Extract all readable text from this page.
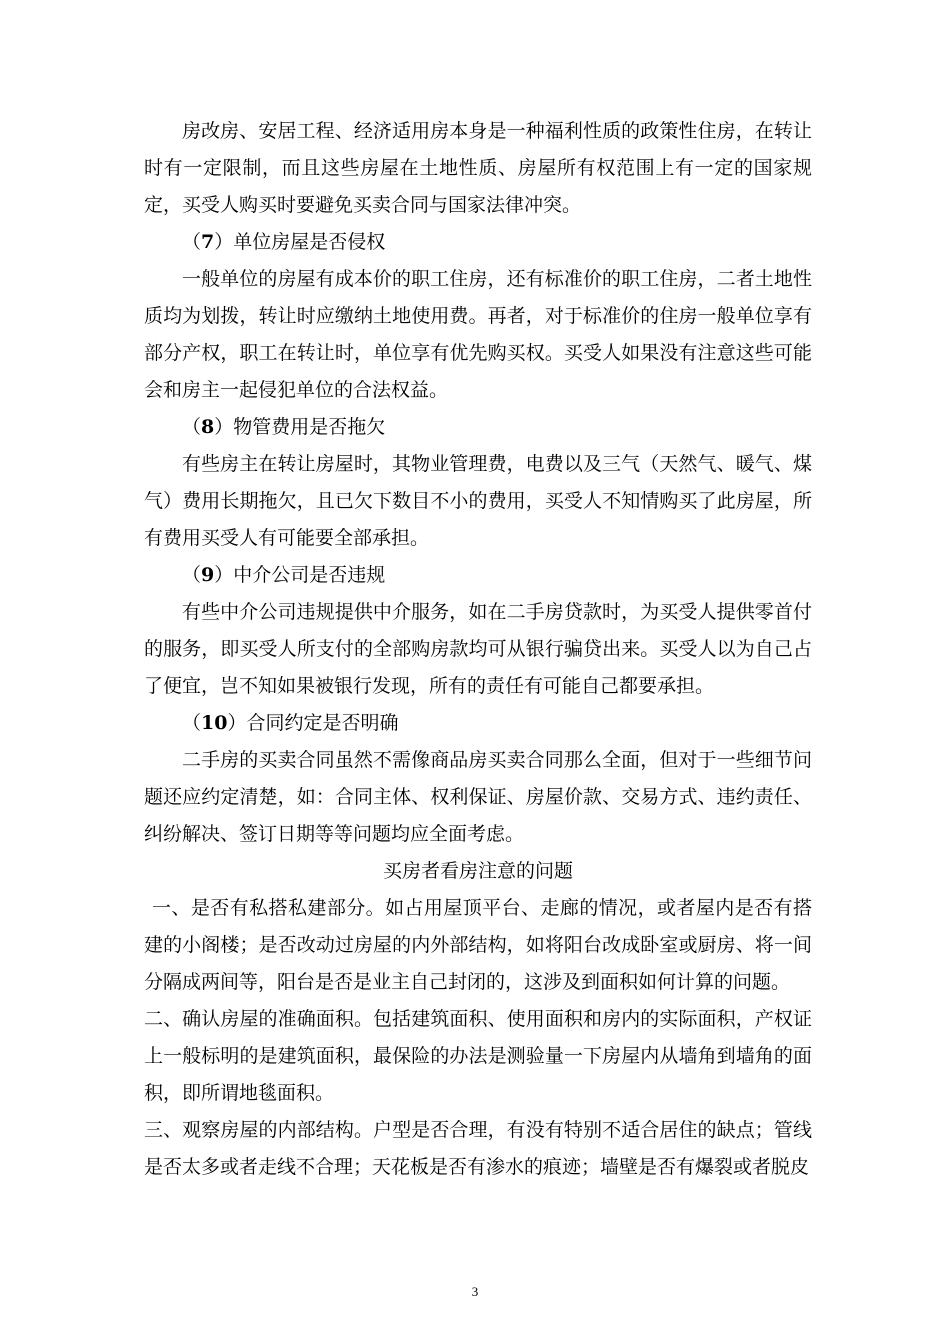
房改房、安居工程、经济适用房本身是一种福利性质的政策性住房，在转让时有一定限制，而且这些房屋在土地性质、房屋所有权范围上有一定的国家规定，买受人购买时要避免买卖合同与国家法律冲突。

（7）单位房屋是否侵权

一般单位的房屋有成本价的职工住房，还有标准价的职工住房，二者土地性质均为划拨，转让时应缴纳土地使用费。再者，对于标准价的住房一般单位享有部分产权，职工在转让时，单位享有优先购买权。买受人如果没有注意这些可能会和房主一起侵犯单位的合法权益。

（8）物管费用是否拖欠

有些房主在转让房屋时，其物业管理费，电费以及三气（天然气、暖气、煤气）费用长期拖欠，且已欠下数目不小的费用，买受人不知情购买了此房屋，所有费用买受人有可能要全部承担。

（9）中介公司是否违规

有些中介公司违规提供中介服务，如在二手房贷款时，为买受人提供零首付的服务，即买受人所支付的全部购房款均可从银行骗贷出来。买受人以为自己占了便宜，岂不知如果被银行发现，所有的责任有可能自己都要承担。

（10）合同约定是否明确

二手房的买卖合同虽然不需像商品房买卖合同那么全面，但对于一些细节问题还应约定清楚，如：合同主体、权利保证、房屋价款、交易方式、违约责任、纠纷解决、签订日期等等问题均应全面考虑。

买房者看房注意的问题

一、是否有私搭私建部分。如占用屋顶平台、走廊的情况，或者屋内是否有搭建的小阁楼；是否改动过房屋的内外部结构，如将阳台改成卧室或厨房、将一间分隔成两间等，阳台是否是业主自己封闭的，这涉及到面积如何计算的问题。

二、确认房屋的准确面积。包括建筑面积、使用面积和房内的实际面积，产权证上一般标明的是建筑面积，最保险的办法是测验量一下房屋内从墙角到墙角的面积，即所谓地毯面积。

三、观察房屋的内部结构。户型是否合理，有没有特别不适合居住的缺点；管线是否太多或者走线不合理；天花板是否有渗水的痕迹；墙壁是否有爆裂或者脱皮

3
